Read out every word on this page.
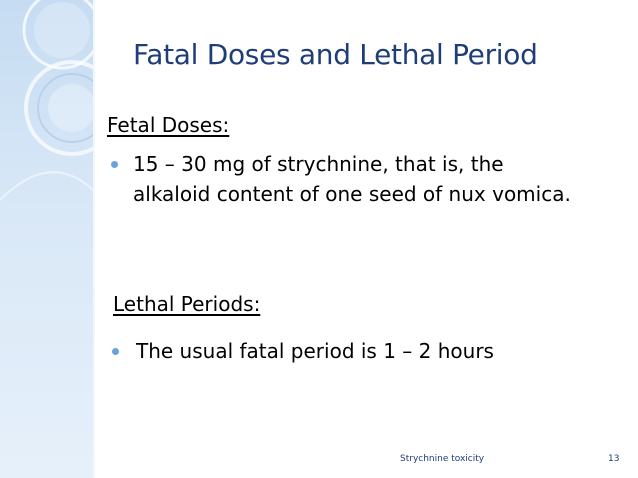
Fatal Doses and Lethal Period
Fetal Doses:

15 – 30 mg of strychnine, that is, the alkaloid content of one seed of nux vomica.

Lethal Periods:

The usual fatal period is 1 – 2 hours

Strychnine toxicity	13
